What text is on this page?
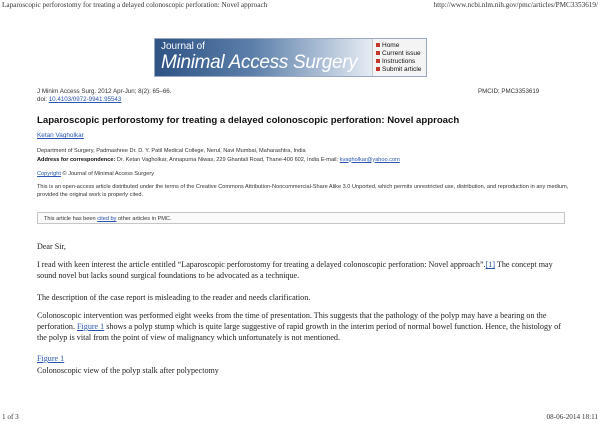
Laparoscopic perforostomy for treating a delayed colonoscopic perforation: Novel approach	http://www.ncbi.nlm.nih.gov/pmc/articles/PMC3353619/
Journal of
Minimal Access Surgery
Home
Current issue
Instructions
Submit article
J Minim Access Surg. 2012 Apr-Jun; 8(2): 65–66.
doi: 10.4103/0972-9941.95543
PMCID: PMC3353619
Laparoscopic perforostomy for treating a delayed colonoscopic perforation: Novel approach
Ketan Vagholkar
Department of Surgery, Padmashree Dr. D. Y. Patil Medical College, Nerul, Navi Mumbai, Maharashtra, India
Address for correspondence: Dr. Ketan Vagholkar, Annapurna Niwas, 229 Ghantali Road, Thane-400 602, India E-mail: kvagholkar@yahoo.com
Copyright © Journal of Minimal Access Surgery
This is an open-access article distributed under the terms of the Creative Commons Attribution-Noncommercial-Share Alike 3.0 Unported, which permits unrestricted use, distribution, and reproduction in any medium, provided the original work is properly cited.
This article has been cited by other articles in PMC.
Dear Sir,
I read with keen interest the article entitled “Laparoscopic perforostomy for treating a delayed colonoscopic perforation: Novel approach”.[1] The concept may sound novel but lacks sound surgical foundations to be advocated as a technique.
The description of the case report is misleading to the reader and needs clarification.
Colonoscopic intervention was performed eight weeks from the time of presentation. This suggests that the pathology of the polyp may have a bearing on the perforation. Figure 1 shows a polyp stump which is quite large suggestive of rapid growth in the interim period of normal bowel function. Hence, the histology of the polyp is vital from the point of view of malignancy which unfortunately is not mentioned.
Figure 1
Colonoscopic view of the polyp stalk after polypectomy
1 of 3	08-06-2014 18:11
